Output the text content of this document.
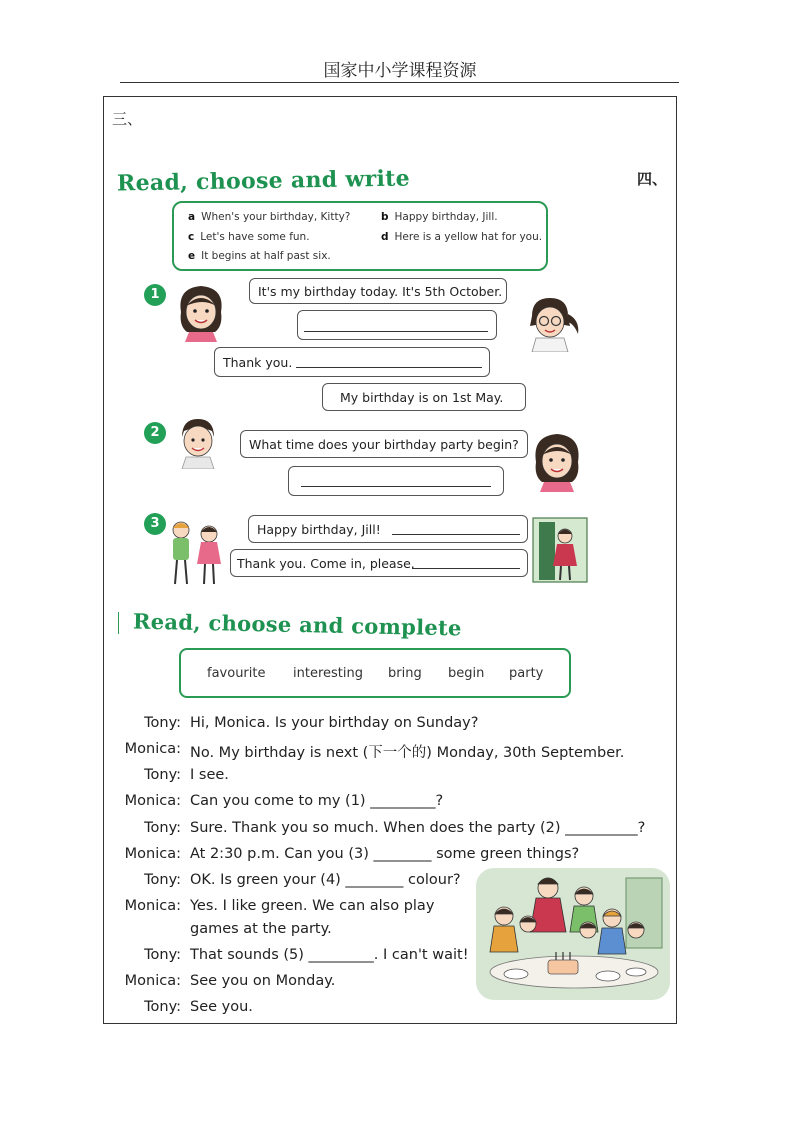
国家中小学课程资源
三、
四、
Read, choose and write
a When's your birthday, Kitty?	b Happy birthday, Jill.
c Let's have some fun.	d Here is a yellow hat for you.
e It begins at half past six.
1	It's my birthday today. It's 5th October.
Thank you.
My birthday is on 1st May.
2
What time does your birthday party begin?
3	Happy birthday, Jill!
Thank you. Come in, please.
Read, choose and complete
favourite interesting bring begin party
Tony: Hi, Monica. Is your birthday on Sunday?
Monica: No. My birthday is next (下一个的) Monday, 30th September.
Tony: I see.
Monica: Can you come to my (1) _________?
Tony: Sure. Thank you so much. When does the party (2) __________?
Monica: At 2:30 p.m. Can you (3) ________ some green things?
Tony: OK. Is green your (4) ________ colour?
Monica: Yes. I like green. We can also play
games at the party.
Tony: That sounds (5) _________. I can't wait!
Monica: See you on Monday.
Tony: See you.
